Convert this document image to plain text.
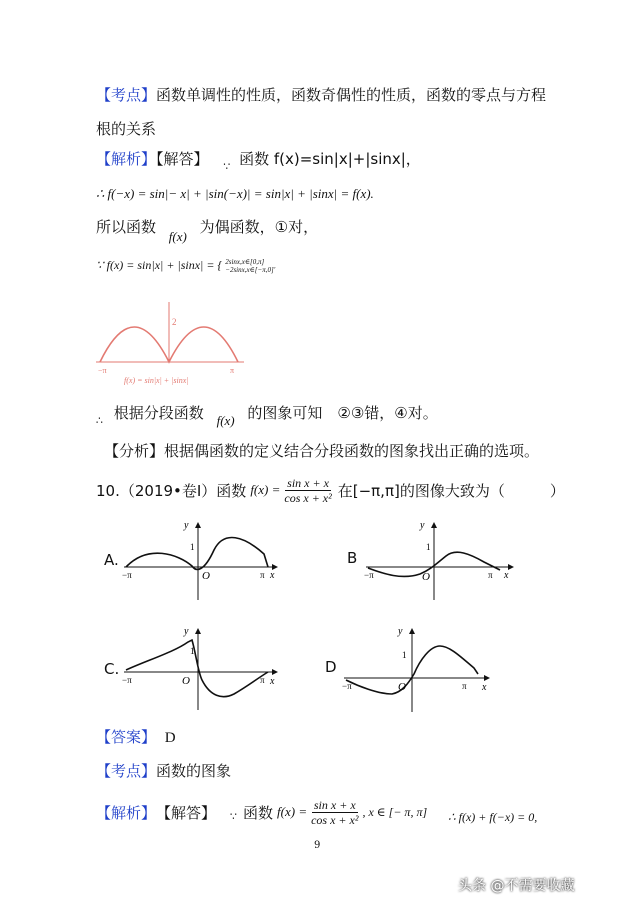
【考点】函数单调性的性质，函数奇偶性的性质，函数的零点与方程
根的关系
【解析】【解答】 $_\because$ 函数 f(x)=sin|x|+|sinx|，
∴ f(−x) = sin|− x| + |sin(−x)| = sin|x| + |sinx| = f(x).
所以函数 f(x) 为偶函数，①对，
∵ f(x) = sin|x| + |sinx| = { 2sinx,x∈[0,π]
−2sinx,x∈[−π,0]'
2
−π	π
f(x) = sin|x| + |sinx|
$_\therefore$ 根据分段函数 f(x) 的图象可知　②③错，④对。
【分析】根据偶函数的定义结合分段函数的图象找出正确的选项。
10.（2019•卷Ⅰ）函数 $f(x) = \frac{\text{sin x + x}}{\text{cos x + x²}}$ 在[−π,π]的图像大致为（　　　）
A.
y
1
O
−π	π x
B
y
1
O
−π	π x
C.
y
1
O
−π	π x
D
y
1
O
−π	π x
【答案】 D
【考点】函数的图象
【解析】 【解答】 ∵ 函数 $f(x) = \frac{\text{sin x + x}}{\text{cos x + x²}}$ , x ∈ [− π, π] ∴ f(x) + f(−x) = 0,
9
头条 @不需要收藏
